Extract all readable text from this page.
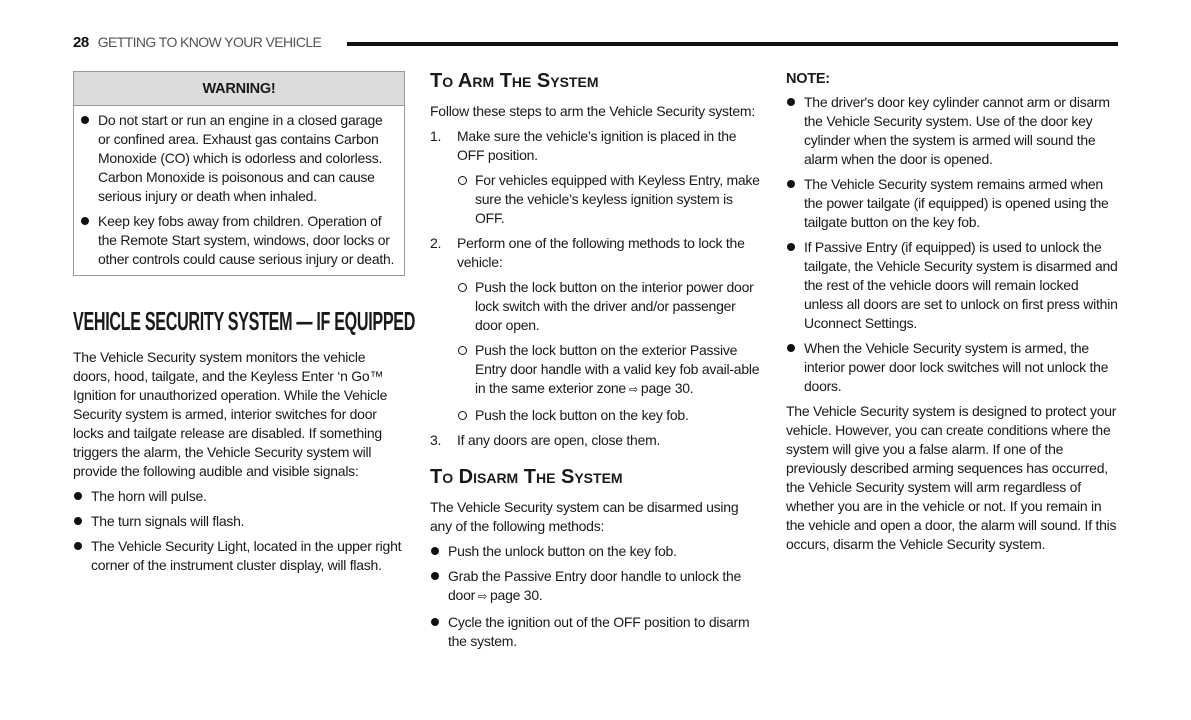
28 GETTING TO KNOW YOUR VEHICLE
WARNING!
Do not start or run an engine in a closed garage or confined area. Exhaust gas contains Carbon Monoxide (CO) which is odorless and colorless. Carbon Monoxide is poisonous and can cause serious injury or death when inhaled.
Keep key fobs away from children. Operation of the Remote Start system, windows, door locks or other controls could cause serious injury or death.
VEHICLE SECURITY SYSTEM — IF EQUIPPED

The Vehicle Security system monitors the vehicle doors, hood, tailgate, and the Keyless Enter ‘n Go™ Ignition for unauthorized operation. While the Vehicle Security system is armed, interior switches for door locks and tailgate release are disabled. If something triggers the alarm, the Vehicle Security system will provide the following audible and visible signals:

The horn will pulse.
The turn signals will flash.
The Vehicle Security Light, located in the upper right corner of the instrument cluster display, will flash.
To Arm The System

Follow these steps to arm the Vehicle Security system:

1. Make sure the vehicle’s ignition is placed in the OFF position.
For vehicles equipped with Keyless Entry, make sure the vehicle’s keyless ignition system is OFF.
2. Perform one of the following methods to lock the vehicle:
Push the lock button on the interior power door lock switch with the driver and/or passenger door open.
Push the lock button on the exterior Passive Entry door handle with a valid key fob avail-able in the same exterior zone ⇨ page 30.
Push the lock button on the key fob.
3. If any doors are open, close them.
To Disarm The System

The Vehicle Security system can be disarmed using any of the following methods:

Push the unlock button on the key fob.
Grab the Passive Entry door handle to unlock the door ⇨ page 30.
Cycle the ignition out of the OFF position to disarm the system.
NOTE:
The driver's door key cylinder cannot arm or disarm the Vehicle Security system. Use of the door key cylinder when the system is armed will sound the alarm when the door is opened.
The Vehicle Security system remains armed when the power tailgate (if equipped) is opened using the tailgate button on the key fob.
If Passive Entry (if equipped) is used to unlock the tailgate, the Vehicle Security system is disarmed and the rest of the vehicle doors will remain locked unless all doors are set to unlock on first press within Uconnect Settings.
When the Vehicle Security system is armed, the interior power door lock switches will not unlock the doors.

The Vehicle Security system is designed to protect your vehicle. However, you can create conditions where the system will give you a false alarm. If one of the previously described arming sequences has occurred, the Vehicle Security system will arm regardless of whether you are in the vehicle or not. If you remain in the vehicle and open a door, the alarm will sound. If this occurs, disarm the Vehicle Security system.
